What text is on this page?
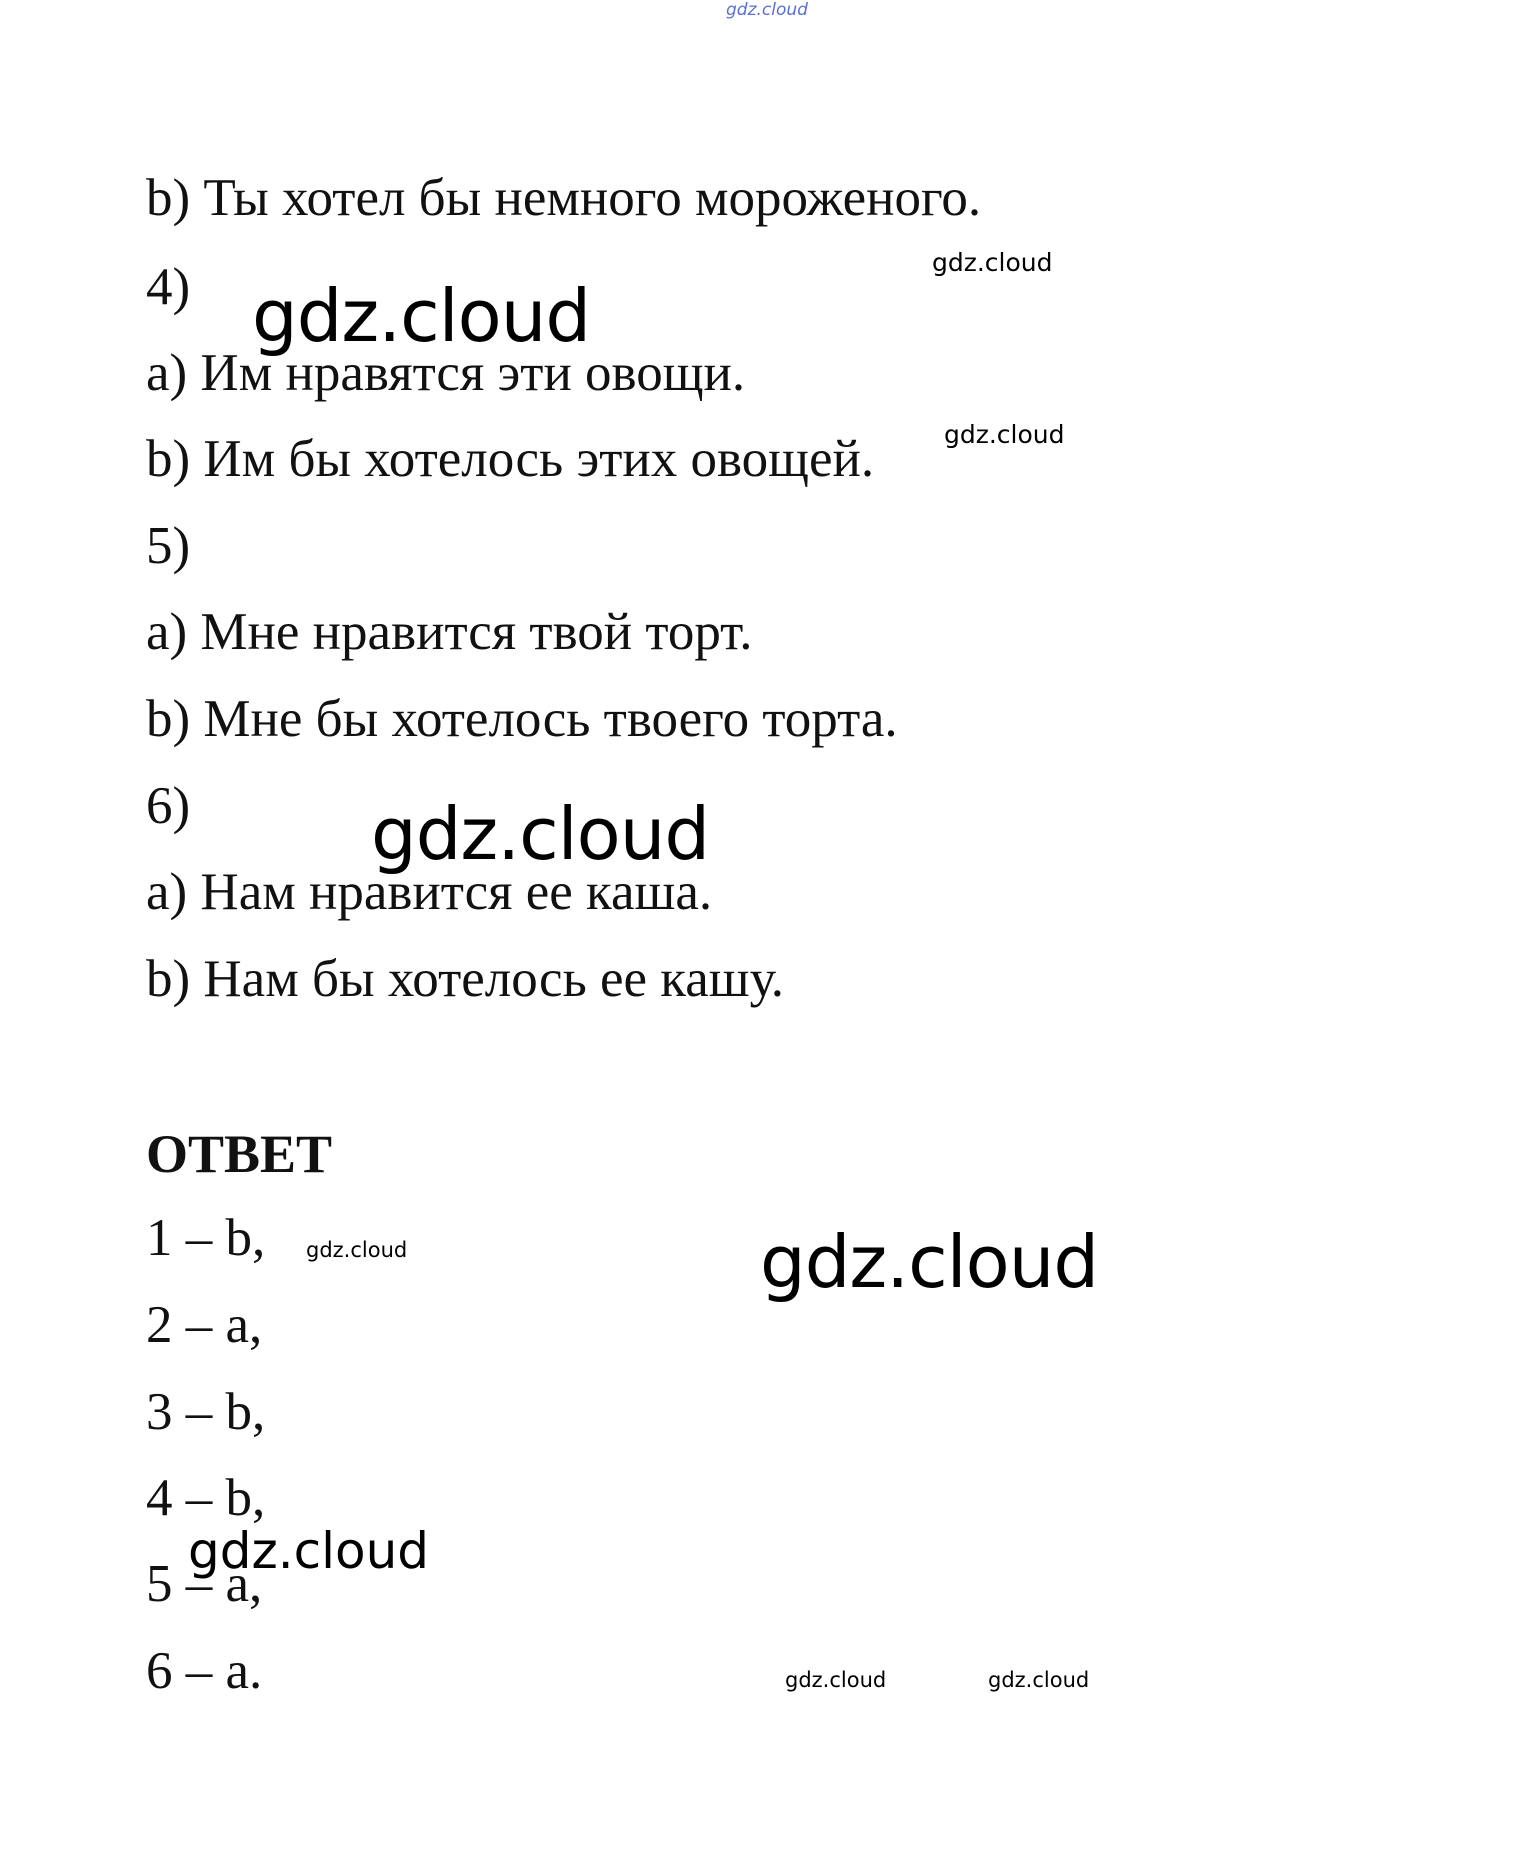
gdz.cloud

b) Ты хотел бы немного мороженого.

4)

a) Им нравятся эти овощи.

b) Им бы хотелось этих овощей.

5)

a) Мне нравится твой торт.

b) Мне бы хотелось твоего торта.

6)

a) Нам нравится ее каша.

b) Нам бы хотелось ее кашу.

ОТВЕТ

1 – b,

2 – a,

3 – b,

4 – b,

5 – a,

6 – a.

gdz.cloud
gdz.cloud
gdz.cloud
gdz.cloud
gdz.cloud	gdz.cloud
gdz.cloud
gdz.cloud	gdz.cloud
